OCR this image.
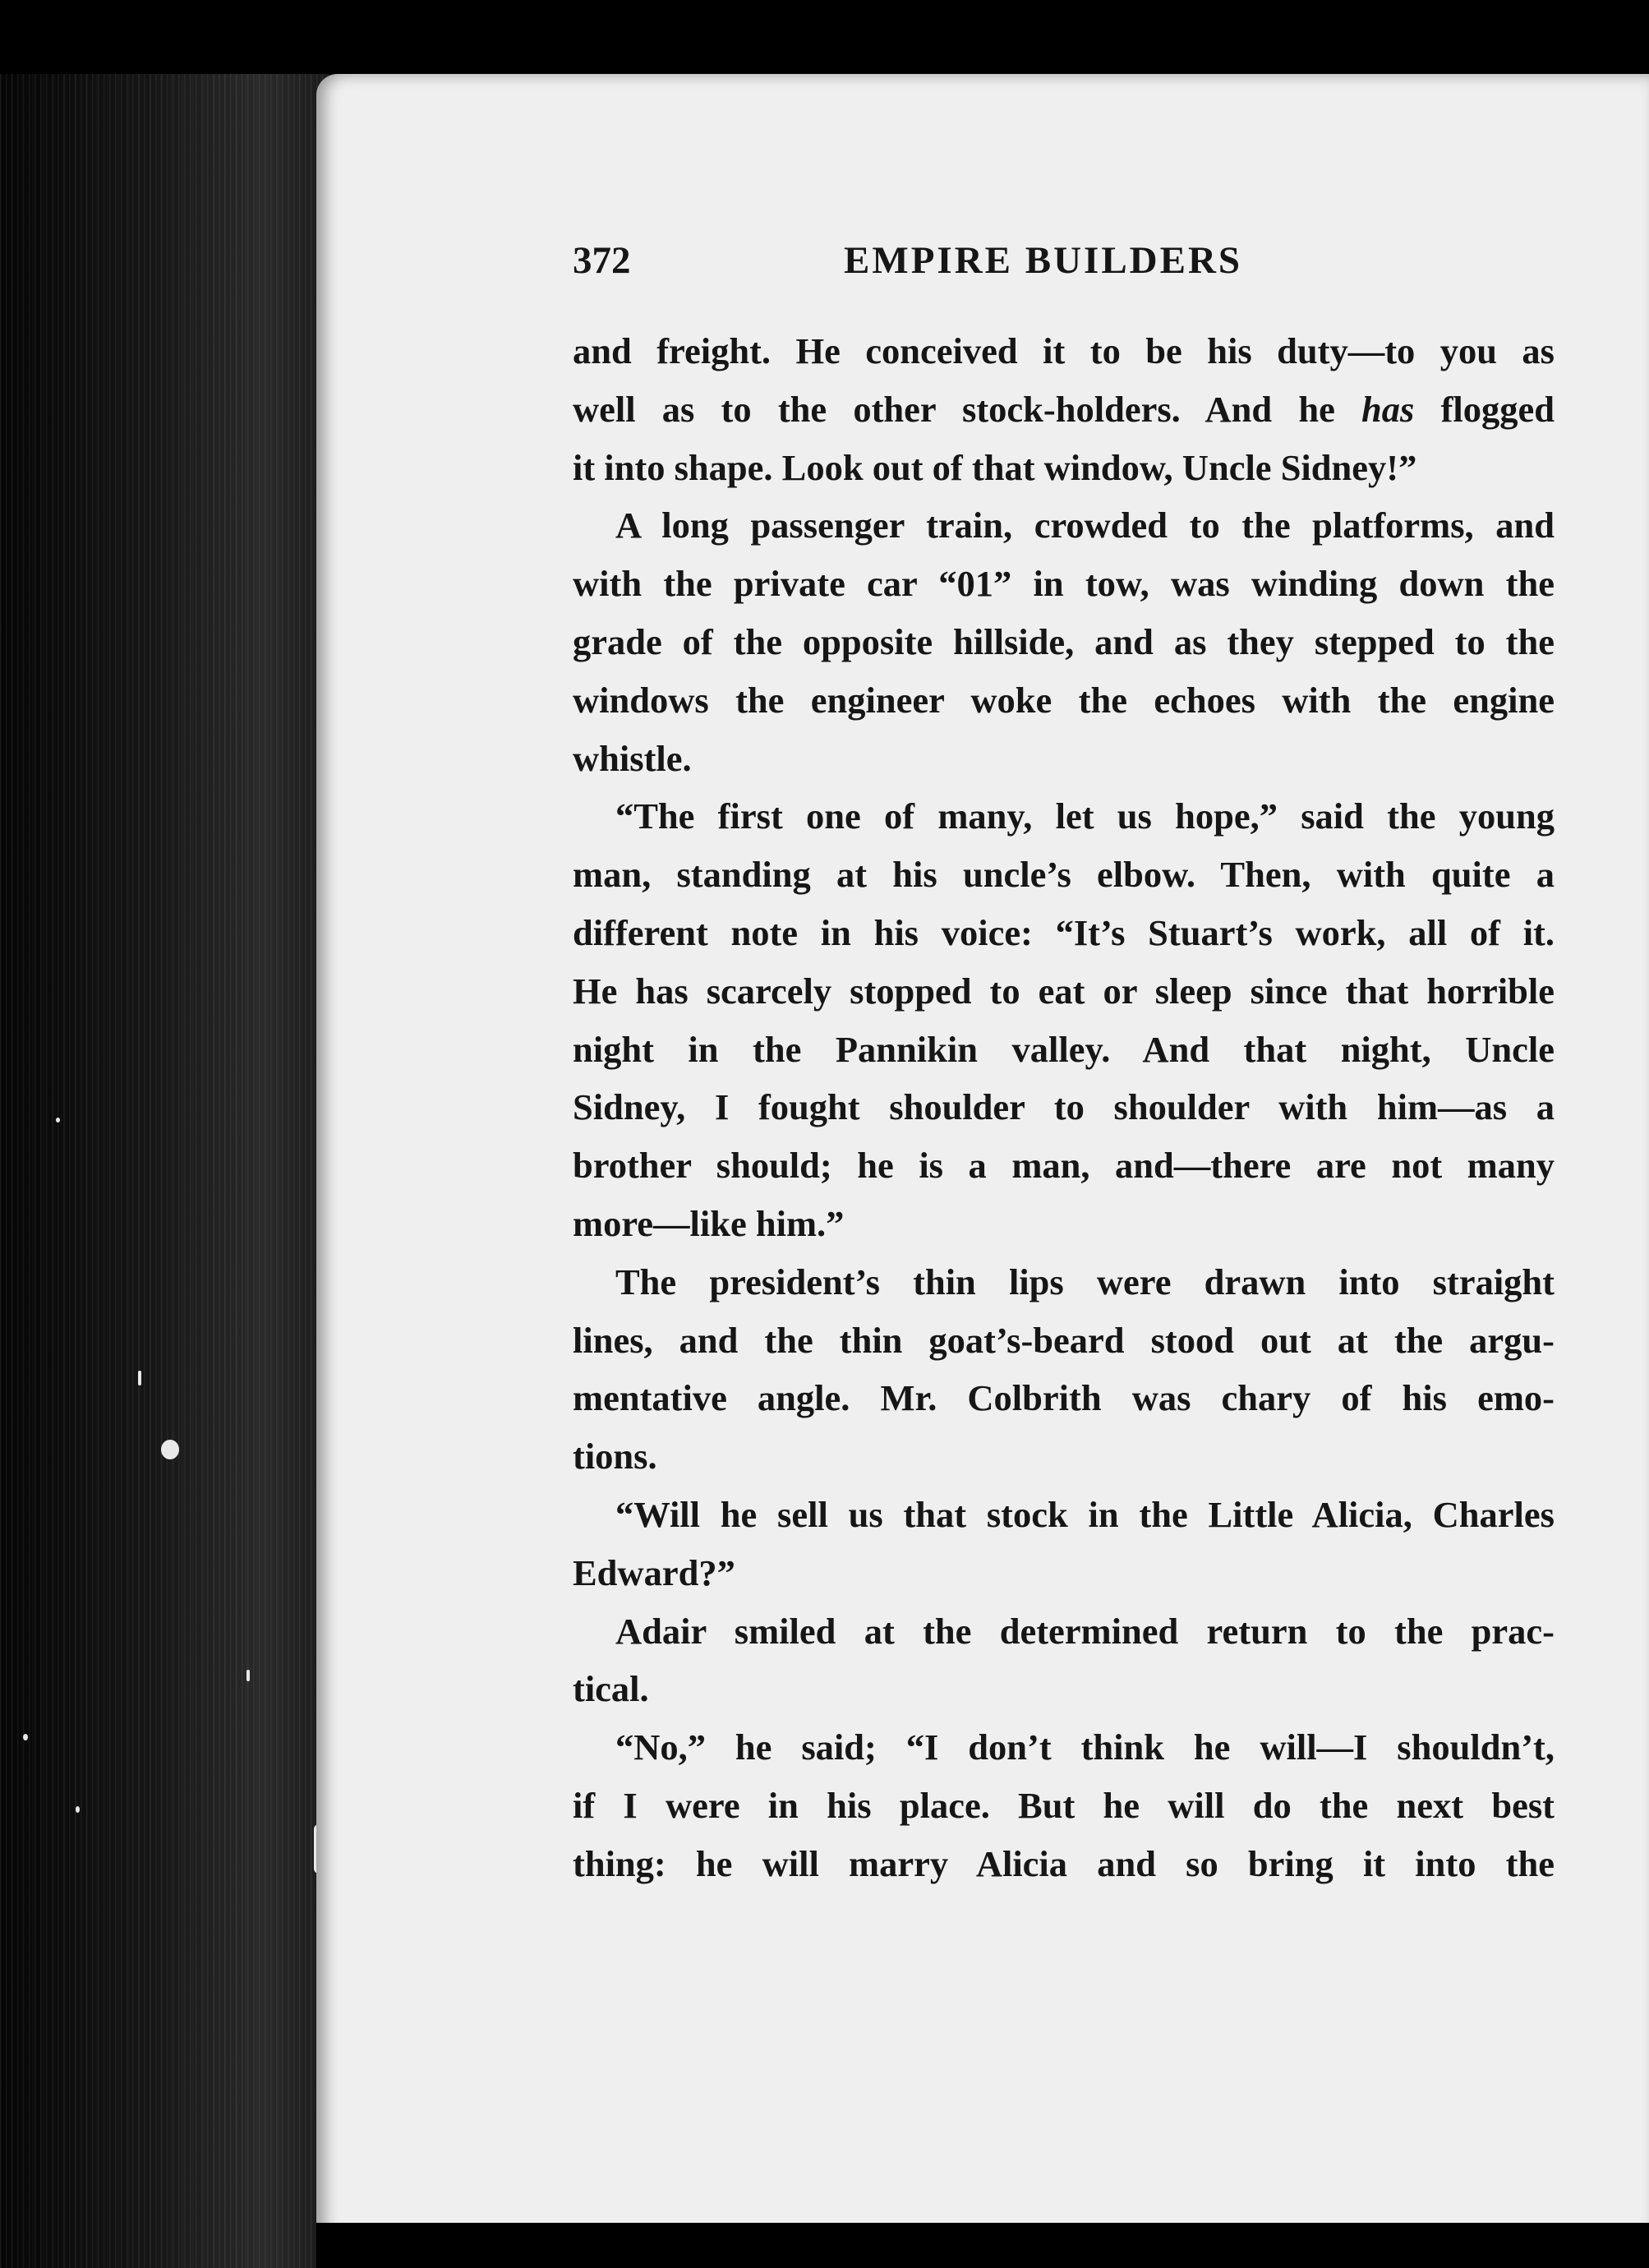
372	EMPIRE BUILDERS
and freight. He conceived it to be his duty—to you as
well as to the other stock-holders. And he has flogged
it into shape. Look out of that window, Uncle Sidney!”
A long passenger train, crowded to the platforms, and
with the private car “01” in tow, was winding down the
grade of the opposite hillside, and as they stepped to the
windows the engineer woke the echoes with the engine
whistle.
“The first one of many, let us hope,” said the young
man, standing at his uncle’s elbow. Then, with quite a
different note in his voice: “It’s Stuart’s work, all of it.
He has scarcely stopped to eat or sleep since that horrible
night in the Pannikin valley. And that night, Uncle
Sidney, I fought shoulder to shoulder with him—as a
brother should; he is a man, and—there are not many
more—like him.”
The president’s thin lips were drawn into straight
lines, and the thin goat’s-beard stood out at the argu-
mentative angle. Mr. Colbrith was chary of his emo-
tions.
“Will he sell us that stock in the Little Alicia, Charles
Edward?”
Adair smiled at the determined return to the prac-
tical.
“No,” he said; “I don’t think he will—I shouldn’t,
if I were in his place. But he will do the next best
thing: he will marry Alicia and so bring it into the
